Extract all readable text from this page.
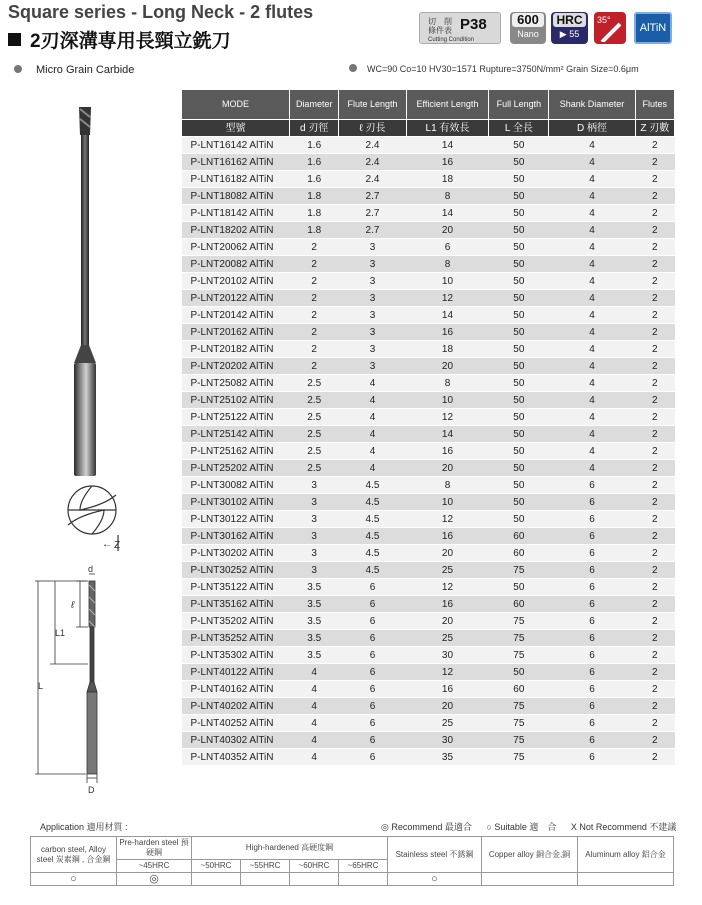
Square series - Long Neck - 2 flutes
2刃深溝専用長頸立銑刀
切　削
條件表 P38
Cutting Condition
600
Nano
HRC
▶ 55
35°
AlTiN
Micro Grain Carbide	WC=90 Co=10 HV30=1571 Rupture=3750N/mm² Grain Size=0.6μm
← Z
d
ℓ
L1
L
D
MODE	Diameter	Flute Length	Efficient Length	Full Length	Shank Diameter	Flutes
型號	d 刃徑	ℓ 刃長	L1 有效長	L 全長	D 柄徑	Z 刃數
P-LNT16142 AlTiN	1.6	2.4	14	50	4	2
P-LNT16162 AlTiN	1.6	2.4	16	50	4	2
P-LNT16182 AlTiN	1.6	2.4	18	50	4	2
P-LNT18082 AlTiN	1.8	2.7	8	50	4	2
P-LNT18142 AlTiN	1.8	2.7	14	50	4	2
P-LNT18202 AlTiN	1.8	2.7	20	50	4	2
P-LNT20062 AlTiN	2	3	6	50	4	2
P-LNT20082 AlTiN	2	3	8	50	4	2
P-LNT20102 AlTiN	2	3	10	50	4	2
P-LNT20122 AlTiN	2	3	12	50	4	2
P-LNT20142 AlTiN	2	3	14	50	4	2
P-LNT20162 AlTiN	2	3	16	50	4	2
P-LNT20182 AlTiN	2	3	18	50	4	2
P-LNT20202 AlTiN	2	3	20	50	4	2
P-LNT25082 AlTiN	2.5	4	8	50	4	2
P-LNT25102 AlTiN	2.5	4	10	50	4	2
P-LNT25122 AlTiN	2.5	4	12	50	4	2
P-LNT25142 AlTiN	2.5	4	14	50	4	2
P-LNT25162 AlTiN	2.5	4	16	50	4	2
P-LNT25202 AlTiN	2.5	4	20	50	4	2
P-LNT30082 AlTiN	3	4.5	8	50	6	2
P-LNT30102 AlTiN	3	4.5	10	50	6	2
P-LNT30122 AlTiN	3	4.5	12	50	6	2
P-LNT30162 AlTiN	3	4.5	16	60	6	2
P-LNT30202 AlTiN	3	4.5	20	60	6	2
P-LNT30252 AlTiN	3	4.5	25	75	6	2
P-LNT35122 AlTiN	3.5	6	12	50	6	2
P-LNT35162 AlTiN	3.5	6	16	60	6	2
P-LNT35202 AlTiN	3.5	6	20	75	6	2
P-LNT35252 AlTiN	3.5	6	25	75	6	2
P-LNT35302 AlTiN	3.5	6	30	75	6	2
P-LNT40122 AlTiN	4	6	12	50	6	2
P-LNT40162 AlTiN	4	6	16	60	6	2
P-LNT40202 AlTiN	4	6	20	75	6	2
P-LNT40252 AlTiN	4	6	25	75	6	2
P-LNT40302 AlTiN	4	6	30	75	6	2
P-LNT40352 AlTiN	4	6	35	75	6	2
Application 適用材質 :	◎ Recommend 最適合 ○ Suitable 適　合 X Not Recommend 不建議
carbon steel, Alloy steel 炭素鋼 , 合金鋼	Pre-harden steel 預硬鋼	High-hardened 高硬度鋼				Stainless steel 不銹鋼	Copper alloy 銅合金,銅	Aluminum alloy 鋁合金
	~45HRC	~50HRC	~55HRC	~60HRC	~65HRC			
○	◎					○		
